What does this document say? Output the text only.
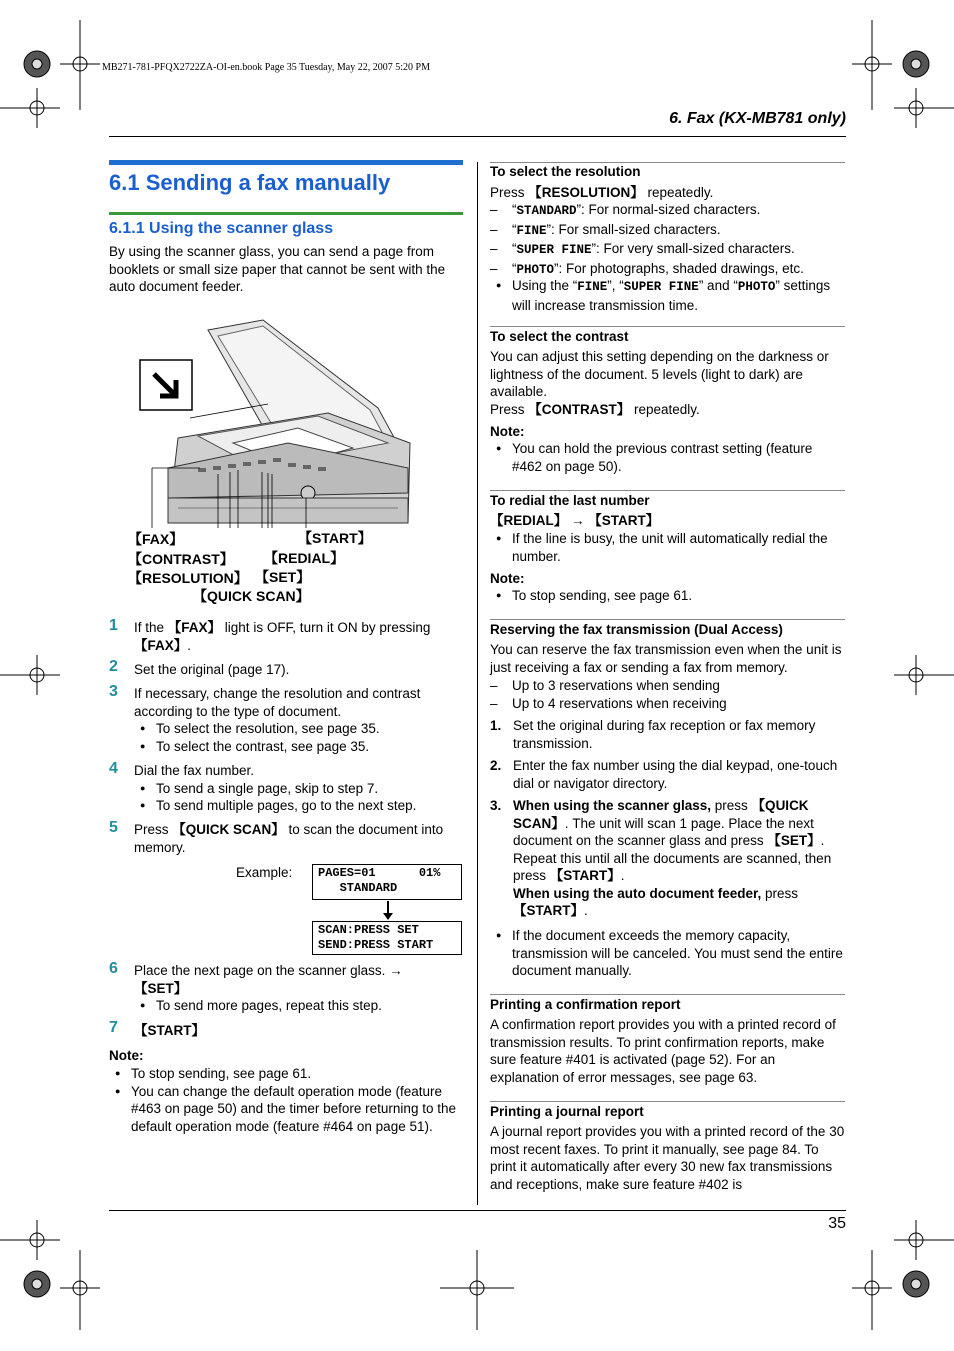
MB271-781-PFQX2722ZA-OI-en.book Page 35 Tuesday, May 22, 2007 5:20 PM
6. Fax (KX-MB781 only)
6.1 Sending a fax manually
6.1.1 Using the scanner glass
By using the scanner glass, you can send a page from booklets or small size paper that cannot be sent with the auto document feeder.
【FAX】
【CONTRAST】
【RESOLUTION】
【START】
【REDIAL】
【SET】
【QUICK SCAN】
1 If the 【FAX】 light is OFF, turn it ON by pressing 【FAX】.
2 Set the original (page 17).
3 If necessary, change the resolution and contrast according to the type of document.
● To select the resolution, see page 35.
● To select the contrast, see page 35.
4 Dial the fax number.
● To send a single page, skip to step 7.
● To send multiple pages, go to the next step.
5 Press 【QUICK SCAN】 to scan the document into memory.
Example: PAGES=01      01%
STANDARD
SCAN:PRESS SET
SEND:PRESS START
6 Place the next page on the scanner glass. →
【SET】
● To send more pages, repeat this step.
7 【START】
Note:
● To stop sending, see page 61.
● You can change the default operation mode (feature #463 on page 50) and the timer before returning to the default operation mode (feature #464 on page 51).
To select the resolution
Press 【RESOLUTION】 repeatedly.
– “STANDARD”: For normal-sized characters.
– “FINE”: For small-sized characters.
– “SUPER FINE”: For very small-sized characters.
– “PHOTO”: For photographs, shaded drawings, etc.
● Using the “FINE”, “SUPER FINE” and “PHOTO” settings will increase transmission time.
To select the contrast
You can adjust this setting depending on the darkness or lightness of the document. 5 levels (light to dark) are available.
Press 【CONTRAST】 repeatedly.
Note:
● You can hold the previous contrast setting (feature #462 on page 50).
To redial the last number
【REDIAL】 → 【START】
● If the line is busy, the unit will automatically redial the number.
Note:
● To stop sending, see page 61.
Reserving the fax transmission (Dual Access)
You can reserve the fax transmission even when the unit is just receiving a fax or sending a fax from memory.
– Up to 3 reservations when sending
– Up to 4 reservations when receiving
1. Set the original during fax reception or fax memory transmission.
2. Enter the fax number using the dial keypad, one-touch dial or navigator directory.
3. When using the scanner glass, press 【QUICK SCAN】. The unit will scan 1 page. Place the next document on the scanner glass and press 【SET】. Repeat this until all the documents are scanned, then press 【START】.
When using the auto document feeder, press 【START】.
● If the document exceeds the memory capacity, transmission will be canceled. You must send the entire document manually.
Printing a confirmation report
A confirmation report provides you with a printed record of transmission results. To print confirmation reports, make sure feature #401 is activated (page 52). For an explanation of error messages, see page 63.
Printing a journal report
A journal report provides you with a printed record of the 30 most recent faxes. To print it manually, see page 84. To print it automatically after every 30 new fax transmissions and receptions, make sure feature #402 is
35
